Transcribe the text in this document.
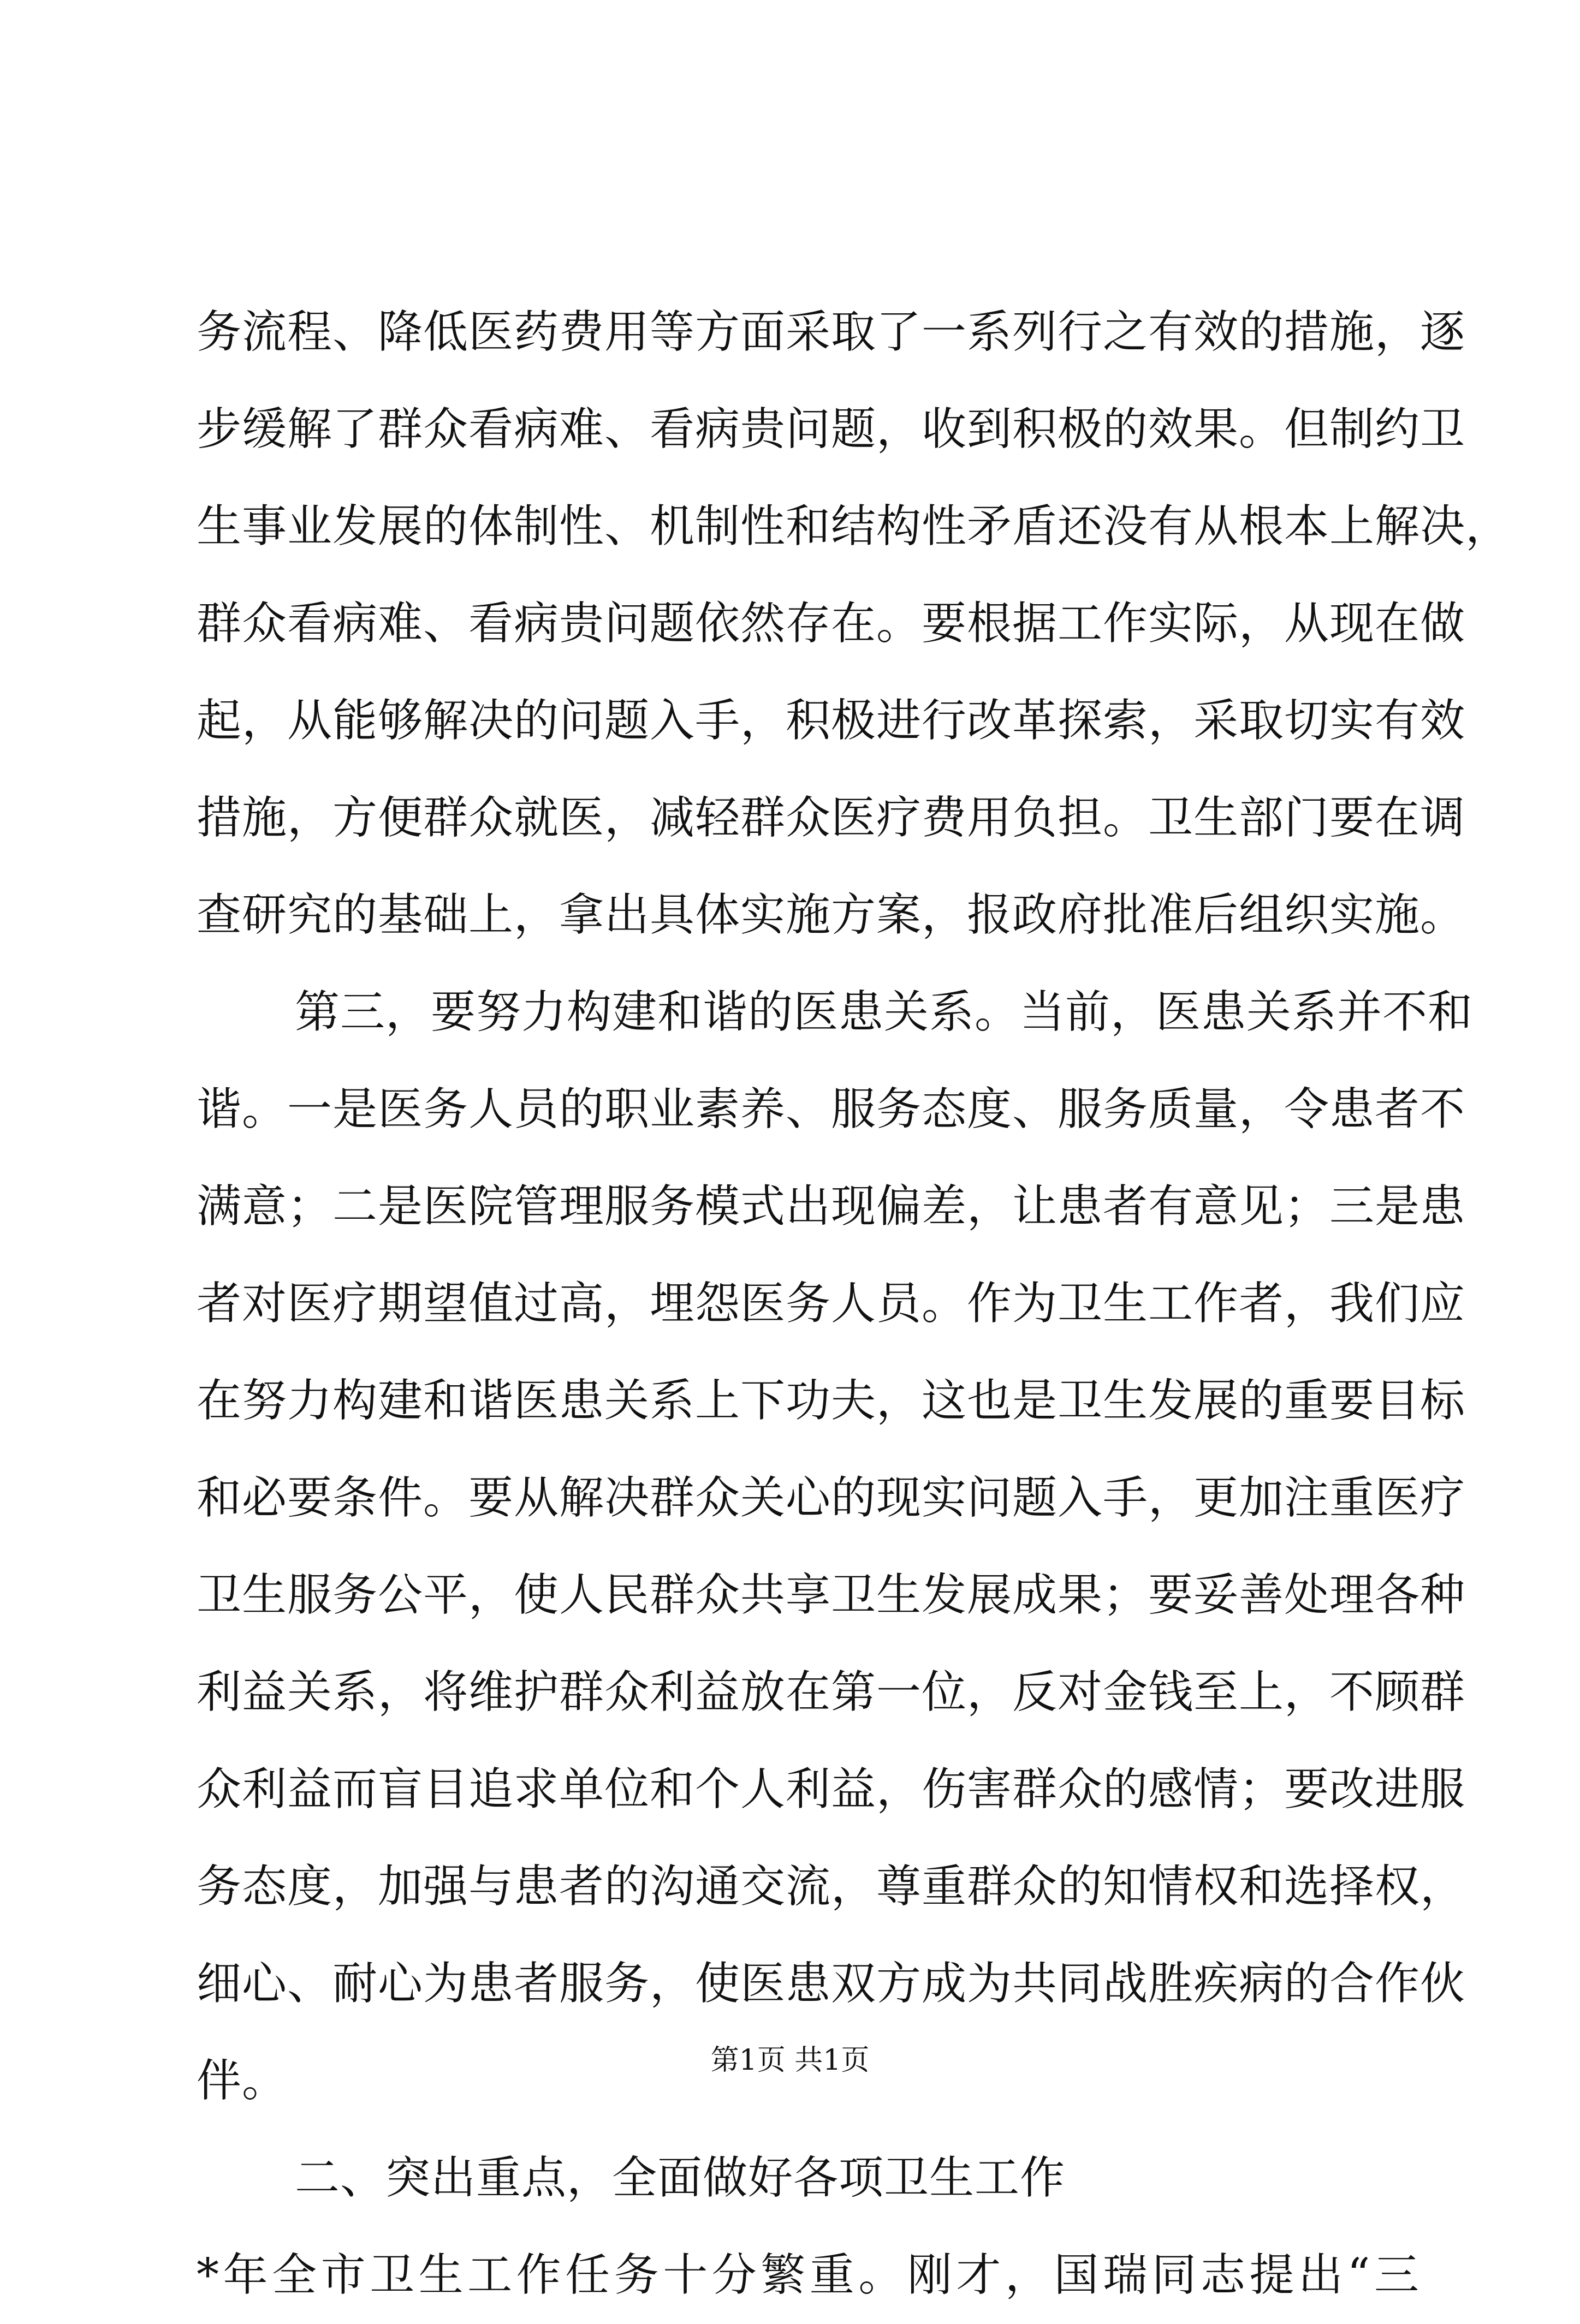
务流程、降低医药费用等方面采取了一系列行之有效的措施，逐
步缓解了群众看病难、看病贵问题，收到积极的效果。但制约卫
生事业发展的体制性、机制性和结构性矛盾还没有从根本上解决，
群众看病难、看病贵问题依然存在。要根据工作实际，从现在做
起，从能够解决的问题入手，积极进行改革探索，采取切实有效
措施，方便群众就医，减轻群众医疗费用负担。卫生部门要在调
查研究的基础上，拿出具体实施方案，报政府批准后组织实施。
第三，要努力构建和谐的医患关系。当前，医患关系并不和
谐。一是医务人员的职业素养、服务态度、服务质量，令患者不
满意；二是医院管理服务模式出现偏差，让患者有意见；三是患
者对医疗期望值过高，埋怨医务人员。作为卫生工作者，我们应
在努力构建和谐医患关系上下功夫，这也是卫生发展的重要目标
和必要条件。要从解决群众关心的现实问题入手，更加注重医疗
卫生服务公平，使人民群众共享卫生发展成果；要妥善处理各种
利益关系，将维护群众利益放在第一位，反对金钱至上，不顾群
众利益而盲目追求单位和个人利益，伤害群众的感情；要改进服
务态度，加强与患者的沟通交流，尊重群众的知情权和选择权，
细心、耐心为患者服务，使医患双方成为共同战胜疾病的合作伙
伴。
二、突出重点，全面做好各项卫生工作
*年全市卫生工作任务十分繁重。刚才，国瑞同志提出“三
第1页 共1页
